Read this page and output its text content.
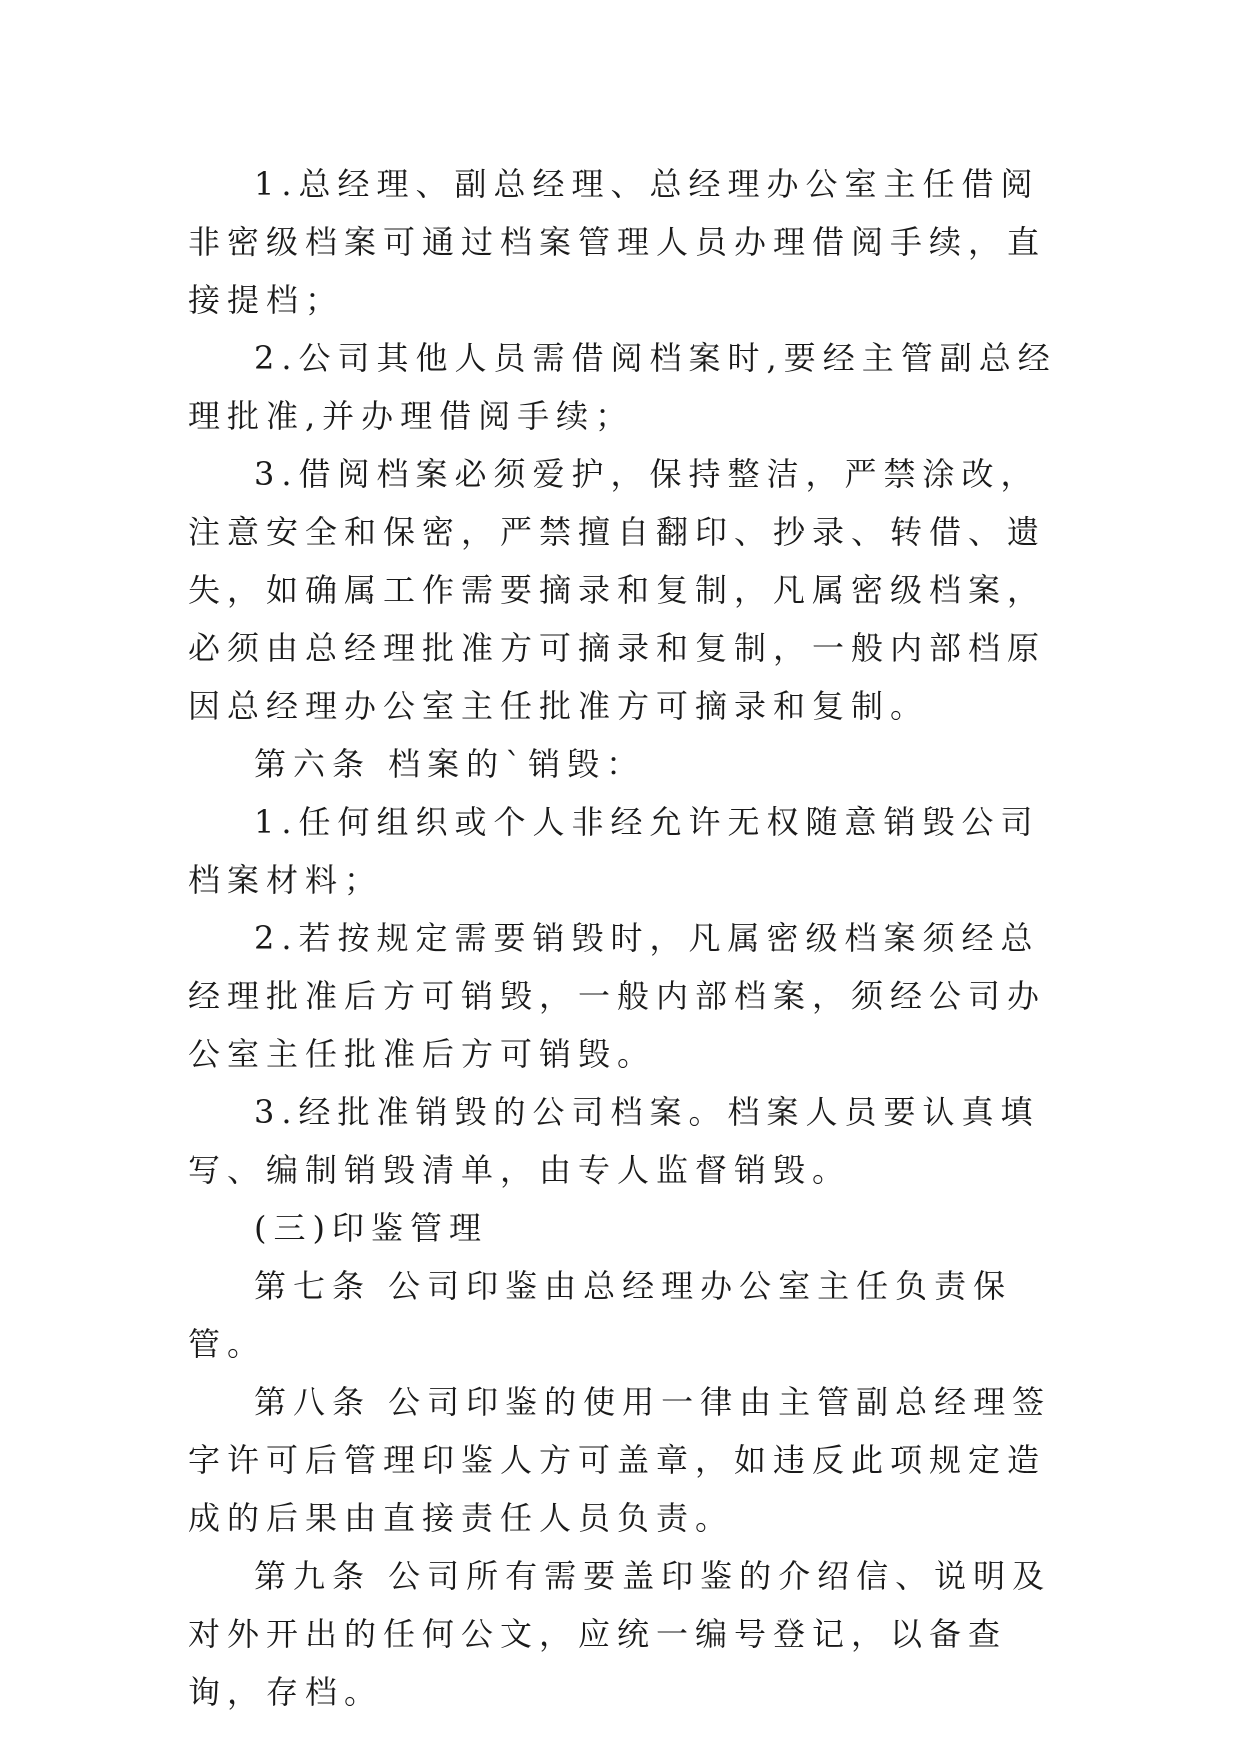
1.总经理、副总经理、总经理办公室主任借阅非密级档案可通过档案管理人员办理借阅手续，直接提档；

2.公司其他人员需借阅档案时,要经主管副总经理批准,并办理借阅手续；

3.借阅档案必须爱护，保持整洁，严禁涂改，注意安全和保密，严禁擅自翻印、抄录、转借、遗失，如确属工作需要摘录和复制，凡属密级档案，必须由总经理批准方可摘录和复制，一般内部档原因总经理办公室主任批准方可摘录和复制。

第六条 档案的`销毁：

1.任何组织或个人非经允许无权随意销毁公司档案材料；

2.若按规定需要销毁时，凡属密级档案须经总经理批准后方可销毁，一般内部档案，须经公司办公室主任批准后方可销毁。

3.经批准销毁的公司档案。档案人员要认真填写、编制销毁清单，由专人监督销毁。

(三)印鉴管理

第七条 公司印鉴由总经理办公室主任负责保管。

第八条 公司印鉴的使用一律由主管副总经理签字许可后管理印鉴人方可盖章，如违反此项规定造成的后果由直接责任人员负责。

第九条 公司所有需要盖印鉴的介绍信、说明及对外开出的任何公文，应统一编号登记，以备查询，存档。
